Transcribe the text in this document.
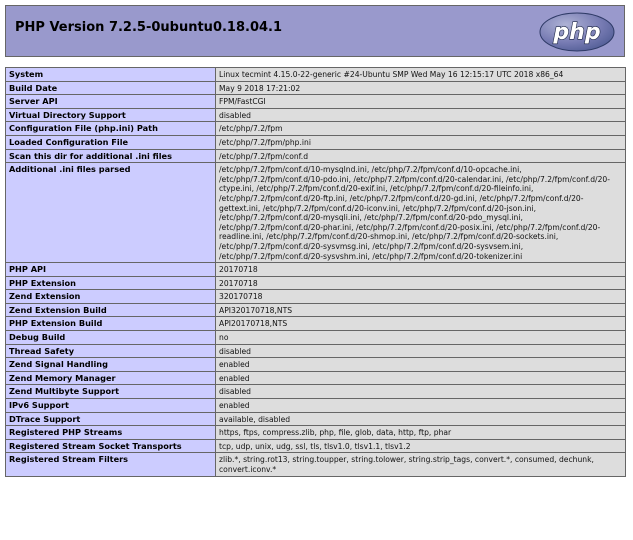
PHP Version 7.2.5-0ubuntu0.18.04.1	php
System	Linux tecmint 4.15.0-22-generic #24-Ubuntu SMP Wed May 16 12:15:17 UTC 2018 x86_64
Build Date	May 9 2018 17:21:02
Server API	FPM/FastCGI
Virtual Directory Support	disabled
Configuration File (php.ini) Path	/etc/php/7.2/fpm
Loaded Configuration File	/etc/php/7.2/fpm/php.ini
Scan this dir for additional .ini files	/etc/php/7.2/fpm/conf.d
Additional .ini files parsed	/etc/php/7.2/fpm/conf.d/10-mysqlnd.ini, /etc/php/7.2/fpm/conf.d/10-opcache.ini, /etc/php/7.2/fpm/conf.d/10-pdo.ini, /etc/php/7.2/fpm/conf.d/20-calendar.ini, /etc/php/7.2/fpm/conf.d/20-ctype.ini, /etc/php/7.2/fpm/conf.d/20-exif.ini, /etc/php/7.2/fpm/conf.d/20-fileinfo.ini, /etc/php/7.2/fpm/conf.d/20-ftp.ini, /etc/php/7.2/fpm/conf.d/20-gd.ini, /etc/php/7.2/fpm/conf.d/20-gettext.ini, /etc/php/7.2/fpm/conf.d/20-iconv.ini, /etc/php/7.2/fpm/conf.d/20-json.ini, /etc/php/7.2/fpm/conf.d/20-mysqli.ini, /etc/php/7.2/fpm/conf.d/20-pdo_mysql.ini, /etc/php/7.2/fpm/conf.d/20-phar.ini, /etc/php/7.2/fpm/conf.d/20-posix.ini, /etc/php/7.2/fpm/conf.d/20-readline.ini, /etc/php/7.2/fpm/conf.d/20-shmop.ini, /etc/php/7.2/fpm/conf.d/20-sockets.ini, /etc/php/7.2/fpm/conf.d/20-sysvmsg.ini, /etc/php/7.2/fpm/conf.d/20-sysvsem.ini, /etc/php/7.2/fpm/conf.d/20-sysvshm.ini, /etc/php/7.2/fpm/conf.d/20-tokenizer.ini
PHP API	20170718
PHP Extension	20170718
Zend Extension	320170718
Zend Extension Build	API320170718,NTS
PHP Extension Build	API20170718,NTS
Debug Build	no
Thread Safety	disabled
Zend Signal Handling	enabled
Zend Memory Manager	enabled
Zend Multibyte Support	disabled
IPv6 Support	enabled
DTrace Support	available, disabled
Registered PHP Streams	https, ftps, compress.zlib, php, file, glob, data, http, ftp, phar
Registered Stream Socket Transports	tcp, udp, unix, udg, ssl, tls, tlsv1.0, tlsv1.1, tlsv1.2
Registered Stream Filters	zlib.*, string.rot13, string.toupper, string.tolower, string.strip_tags, convert.*, consumed, dechunk, convert.iconv.*
